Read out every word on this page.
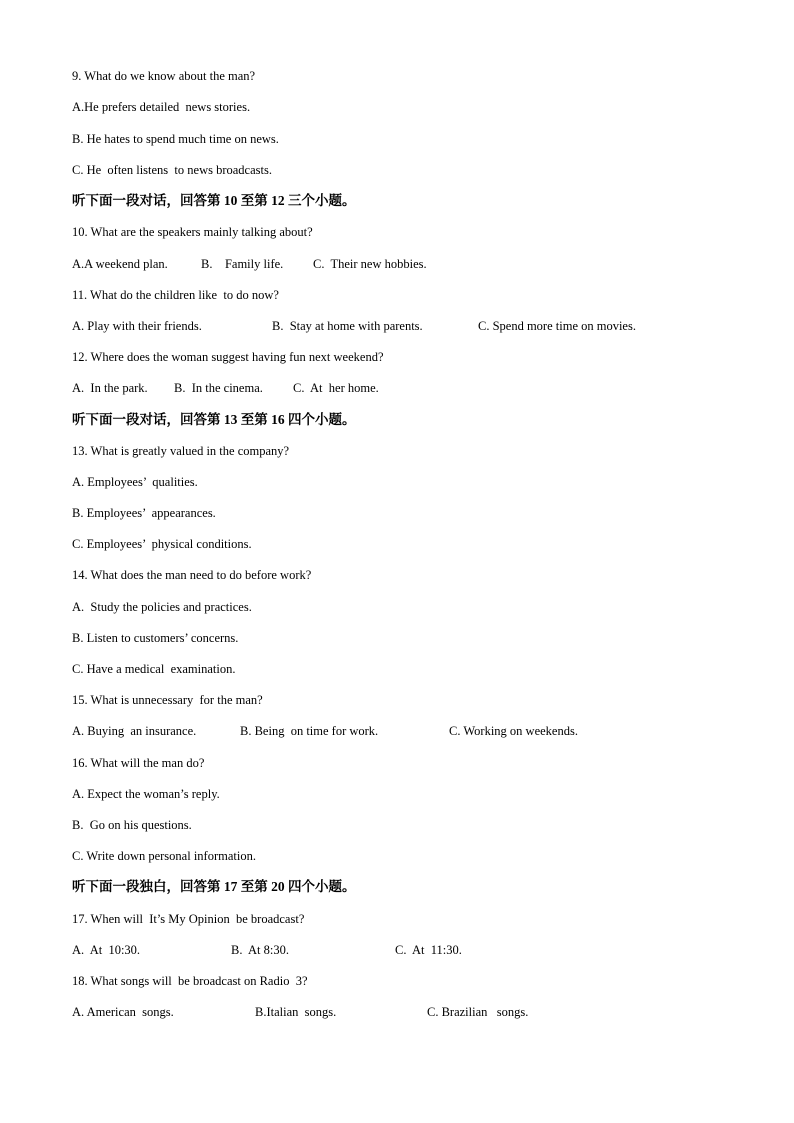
9. What do we know about the man?
A.He prefers detailed  news stories.
B. He hates to spend much time on news.
C. He  often listens  to news broadcasts.
听下面一段对话，回答第 10 至第 12 三个小题。
10. What are the speakers mainly talking about?
A.A weekend plan.	B.    Family life. C.  Their new hobbies.
11. What do the children like  to do now?
A. Play with their friends.	B.  Stay at home with parents.	C. Spend more time on movies.
12. Where does the woman suggest having fun next weekend?
A.  In the park. B.  In the cinema. C.  At  her home.
听下面一段对话，回答第 13 至第 16 四个小题。
13. What is greatly valued in the company?
A. Employees’  qualities.
B. Employees’  appearances.
C. Employees’  physical conditions.
14. What does the man need to do before work?
A.  Study the policies and practices.
B. Listen to customers’ concerns.
C. Have a medical  examination.
15. What is unnecessary  for the man?
A. Buying  an insurance.	B. Being  on time for work.	C. Working on weekends.
16. What will the man do?
A. Expect the woman’s reply.
B.  Go on his questions.
C. Write down personal information.
听下面一段独白，回答第 17 至第 20 四个小题。
17. When will  It’s My Opinion  be broadcast?
A.  At  10:30.	B.  At 8:30.	C.  At  11:30.
18. What songs will  be broadcast on Radio  3?
A. American  songs.	B.Italian  songs.	C. Brazilian   songs.
